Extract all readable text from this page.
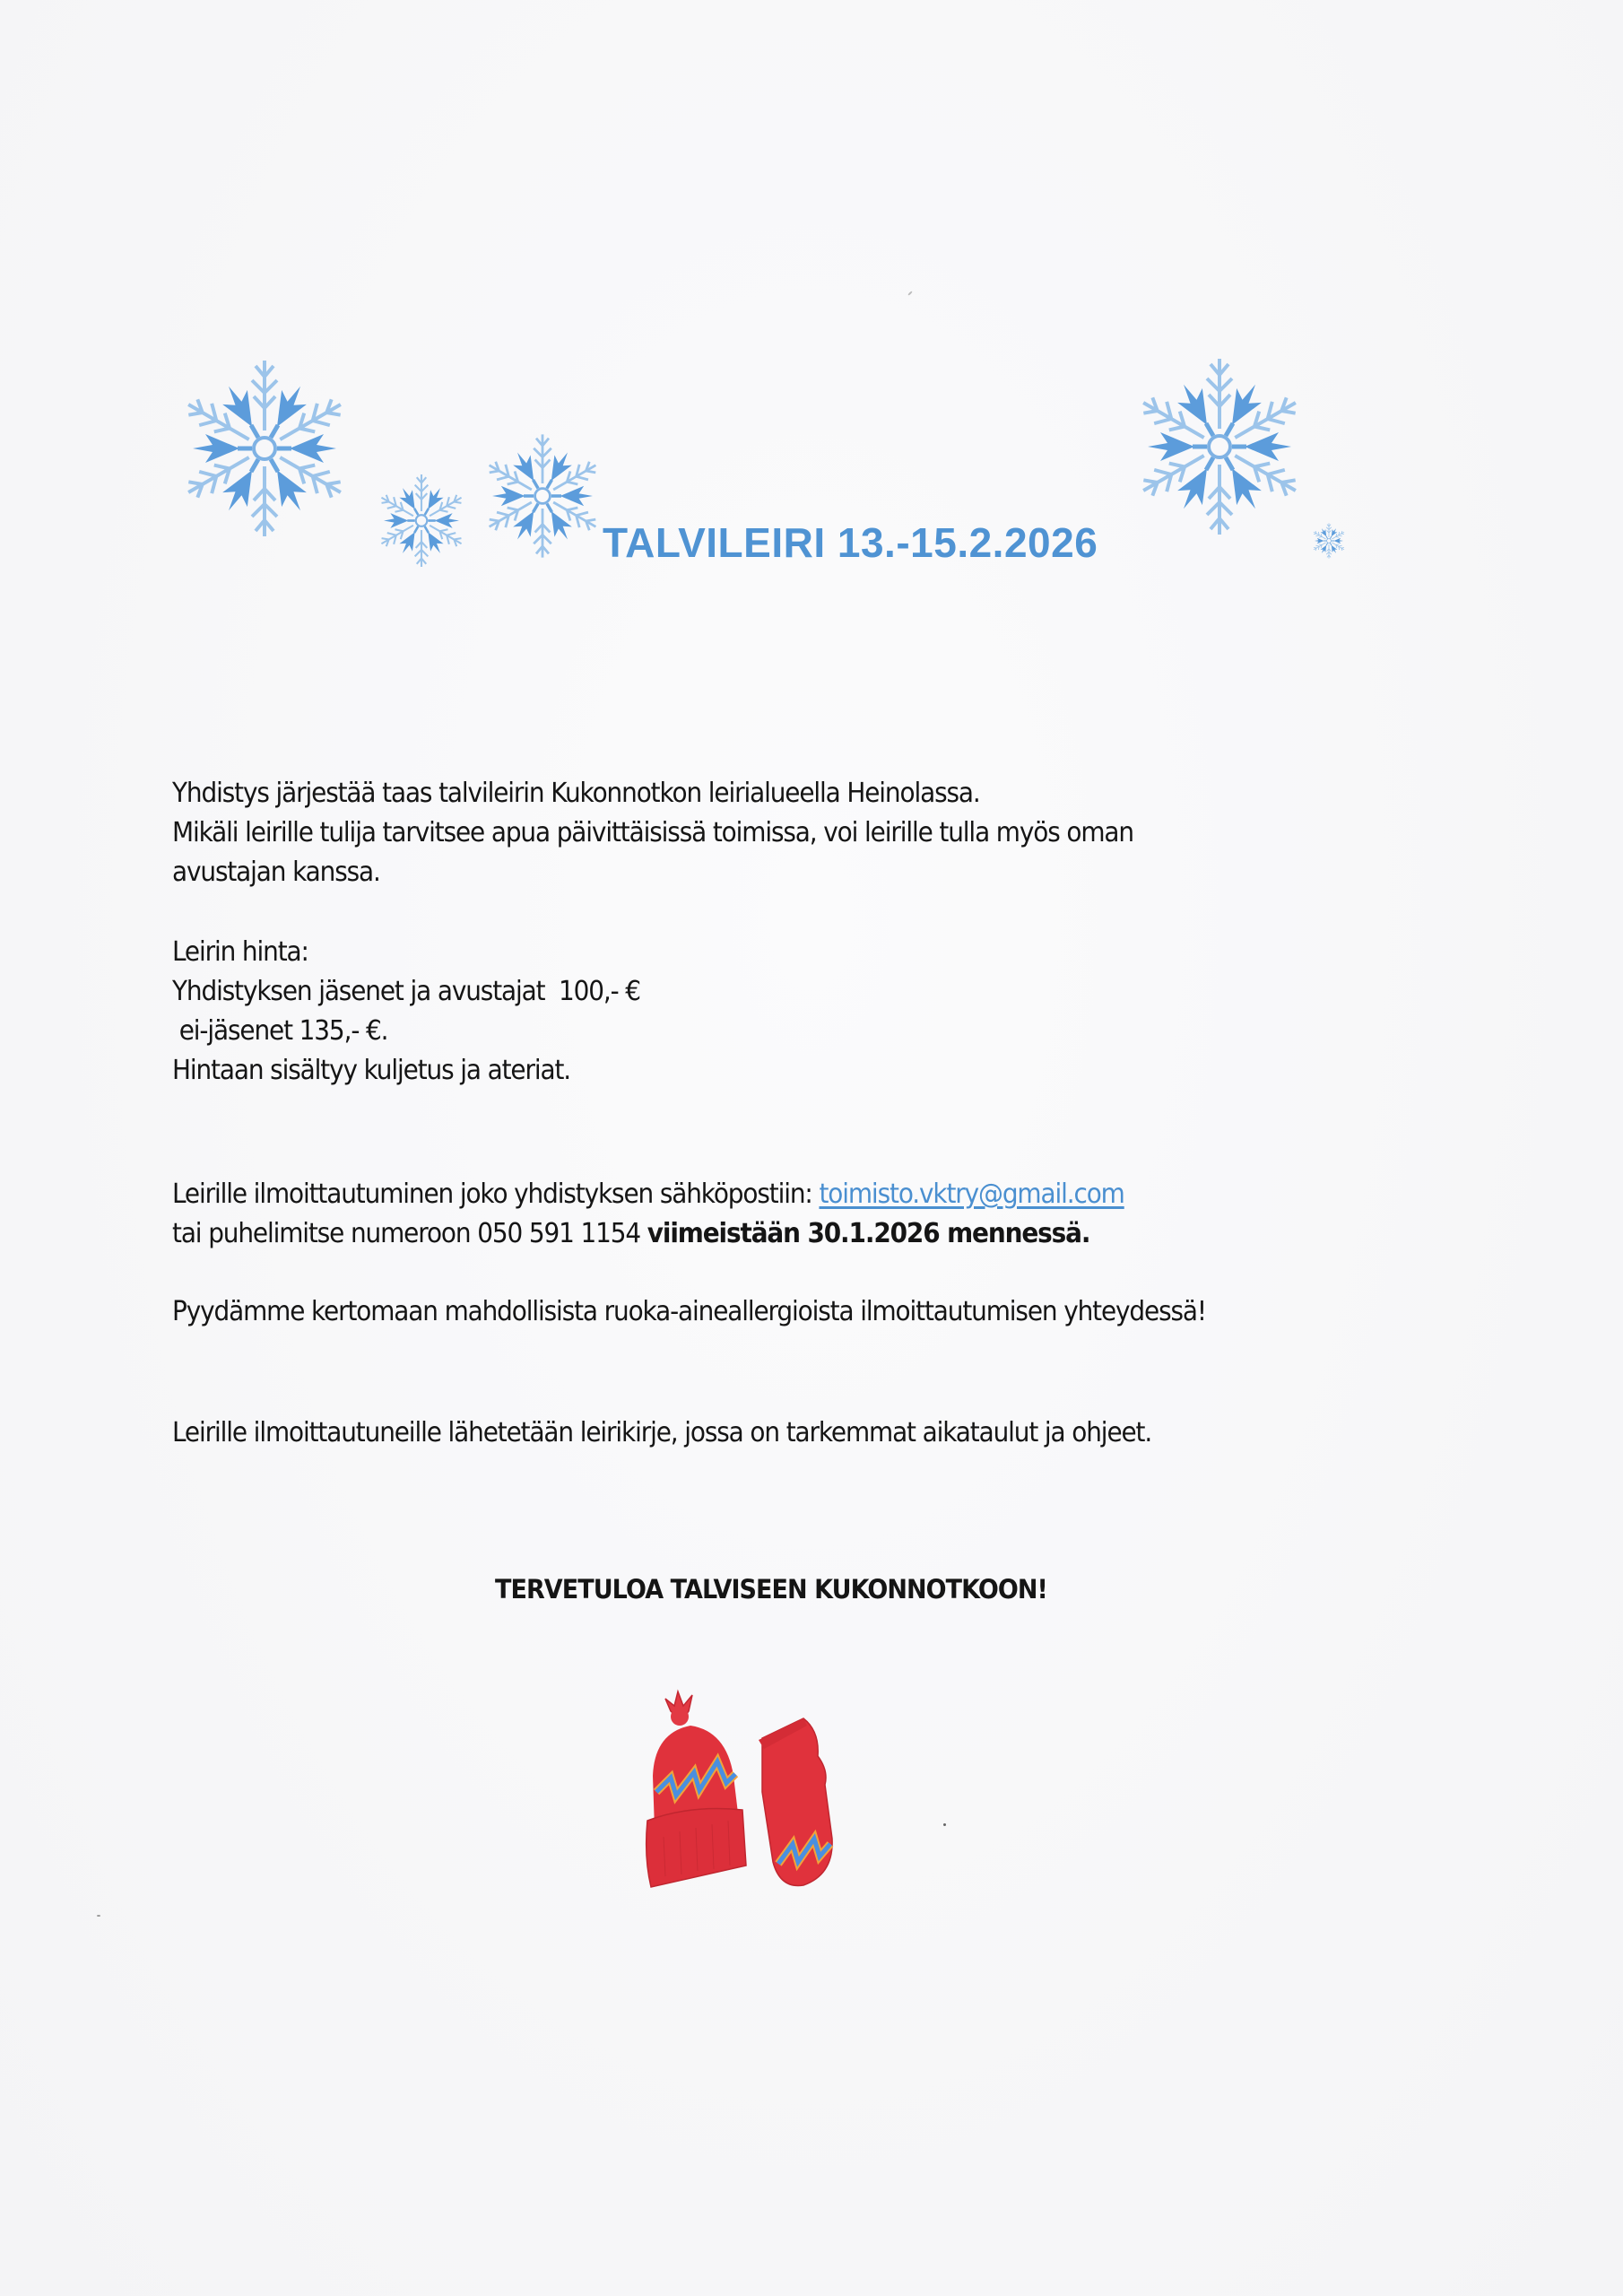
TALVILEIRI 13.-15.2.2026

Yhdistys järjestää taas talvileirin Kukonnotkon leirialueella Heinolassa.

Mikäli leirille tulija tarvitsee apua päivittäisissä toimissa, voi leirille tulla myös oman

avustajan kanssa.

Leirin hinta:

Yhdistyksen jäsenet ja avustajat  100,- €

ei-jäsenet 135,- €.

Hintaan sisältyy kuljetus ja ateriat.

Leirille ilmoittautuminen joko yhdistyksen sähköpostiin: toimisto.vktry@gmail.com

tai puhelimitse numeroon 050 591 1154 viimeistään 30.1.2026 mennessä.

Pyydämme kertomaan mahdollisista ruoka-aineallergioista ilmoittautumisen yhteydessä!

Leirille ilmoittautuneille lähetetään leirikirje, jossa on tarkemmat aikataulut ja ohjeet.

TERVETULOA TALVISEEN KUKONNOTKOON!
